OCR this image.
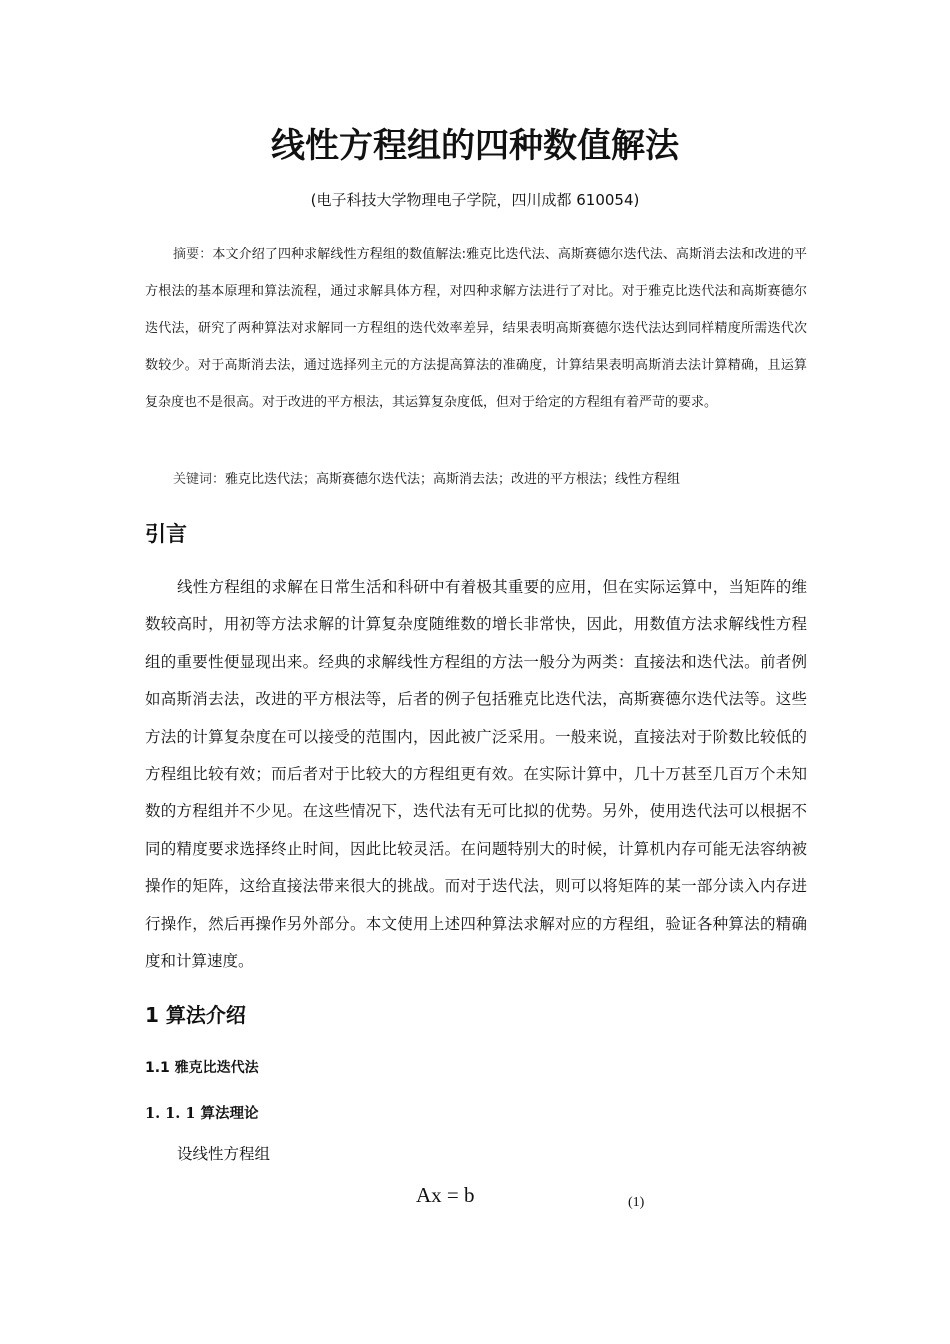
线性方程组的四种数值解法
(电子科技大学物理电子学院，四川成都 610054)

摘要：本文介绍了四种求解线性方程组的数值解法:雅克比迭代法、高斯赛德尔迭代法、高斯消去法和改进的平方根法的基本原理和算法流程，通过求解具体方程，对四种求解方法进行了对比。对于雅克比迭代法和高斯赛德尔迭代法，研究了两种算法对求解同一方程组的迭代效率差异，结果表明高斯赛德尔迭代法达到同样精度所需迭代次数较少。对于高斯消去法，通过选择列主元的方法提高算法的准确度，计算结果表明高斯消去法计算精确，且运算复杂度也不是很高。对于改进的平方根法，其运算复杂度低，但对于给定的方程组有着严苛的要求。

关键词：雅克比迭代法；高斯赛德尔迭代法；高斯消去法；改进的平方根法；线性方程组

引言

线性方程组的求解在日常生活和科研中有着极其重要的应用，但在实际运算中，当矩阵的维数较高时，用初等方法求解的计算复杂度随维数的增长非常快，因此，用数值方法求解线性方程组的重要性便显现出来。经典的求解线性方程组的方法一般分为两类：直接法和迭代法。前者例如高斯消去法，改进的平方根法等，后者的例子包括雅克比迭代法，高斯赛德尔迭代法等。这些方法的计算复杂度在可以接受的范围内，因此被广泛采用。一般来说，直接法对于阶数比较低的方程组比较有效；而后者对于比较大的方程组更有效。在实际计算中，几十万甚至几百万个未知数的方程组并不少见。在这些情况下，迭代法有无可比拟的优势。另外，使用迭代法可以根据不同的精度要求选择终止时间，因此比较灵活。在问题特别大的时候，计算机内存可能无法容纳被操作的矩阵，这给直接法带来很大的挑战。而对于迭代法，则可以将矩阵的某一部分读入内存进行操作，然后再操作另外部分。本文使用上述四种算法求解对应的方程组，验证各种算法的精确度和计算速度。

1 算法介绍
1.1 雅克比迭代法
1. 1. 1 算法理论

设线性方程组

Ax = b	(1)
